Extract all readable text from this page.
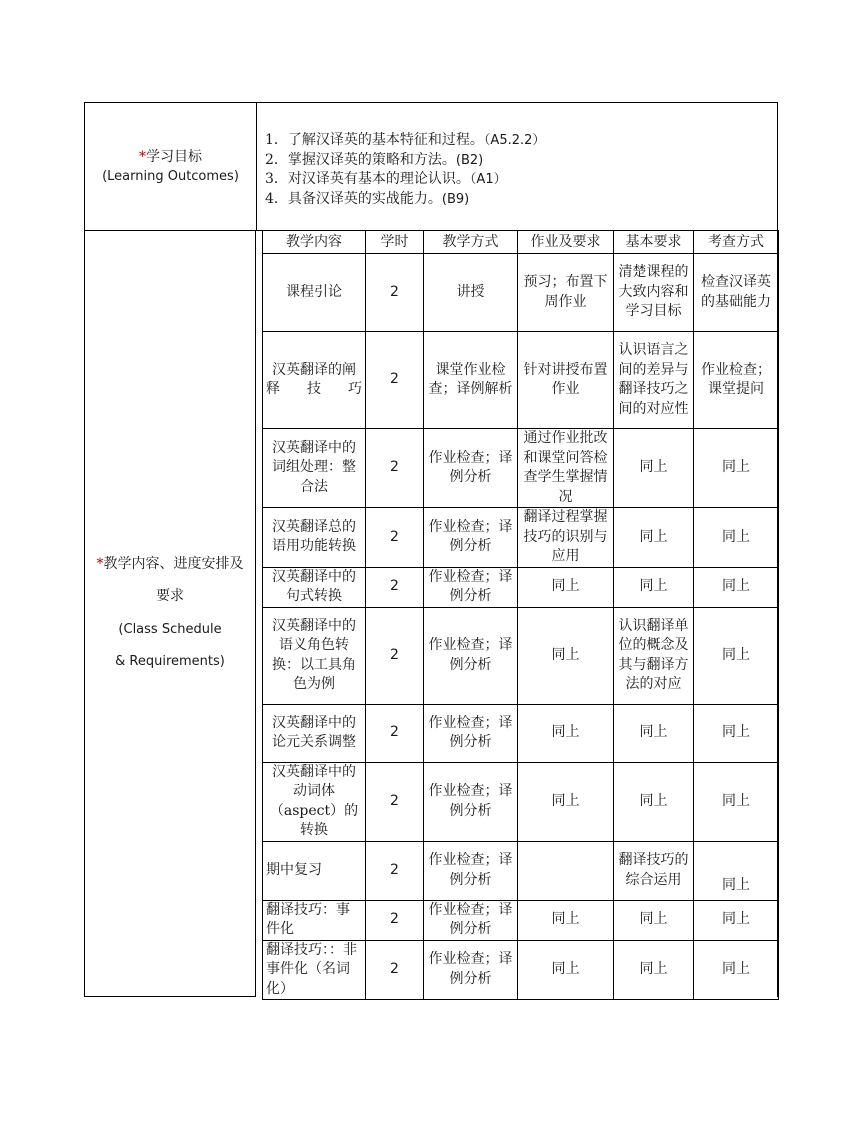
*学习目标
(Learning Outcomes)
1．了解汉译英的基本特征和过程。（A5.2.2）
2．掌握汉译英的策略和方法。(B2)
3．对汉译英有基本的理论认识。（A1）
4．具备汉译英的实战能力。(B9)
*教学内容、进度安排及
要求
(Class Schedule
& Requirements)
教学内容	学时	教学方式	作业及要求	基本要求	考查方式
课程引论	2	讲授	预习；布置下周作业	清楚课程的大致内容和学习目标	检查汉译英的基础能力
汉英翻译的阐释技巧	2	课堂作业检查；译例解析	针对讲授布置作业	认识语言之间的差异与翻译技巧之间的对应性	作业检查；课堂提问
汉英翻译中的词组处理：整合法	2	作业检查；译例分析	通过作业批改和课堂问答检查学生掌握情况	同上	同上
汉英翻译总的语用功能转换	2	作业检查；译例分析	翻译过程掌握技巧的识别与应用	同上	同上
汉英翻译中的句式转换	2	作业检查；译例分析	同上	同上	同上
汉英翻译中的语义角色转换：以工具角色为例	2	作业检查；译例分析	同上	认识翻译单位的概念及其与翻译方法的对应	同上
汉英翻译中的论元关系调整	2	作业检查；译例分析	同上	同上	同上
汉英翻译中的动词体（aspect）的转换	2	作业检查；译例分析	同上	同上	同上
期中复习	2	作业检查；译例分析		翻译技巧的综合运用	同上
翻译技巧：事件化	2	作业检查；译例分析	同上	同上	同上
翻译技巧：：非事件化（名词化）	2	作业检查；译例分析	同上	同上	同上
